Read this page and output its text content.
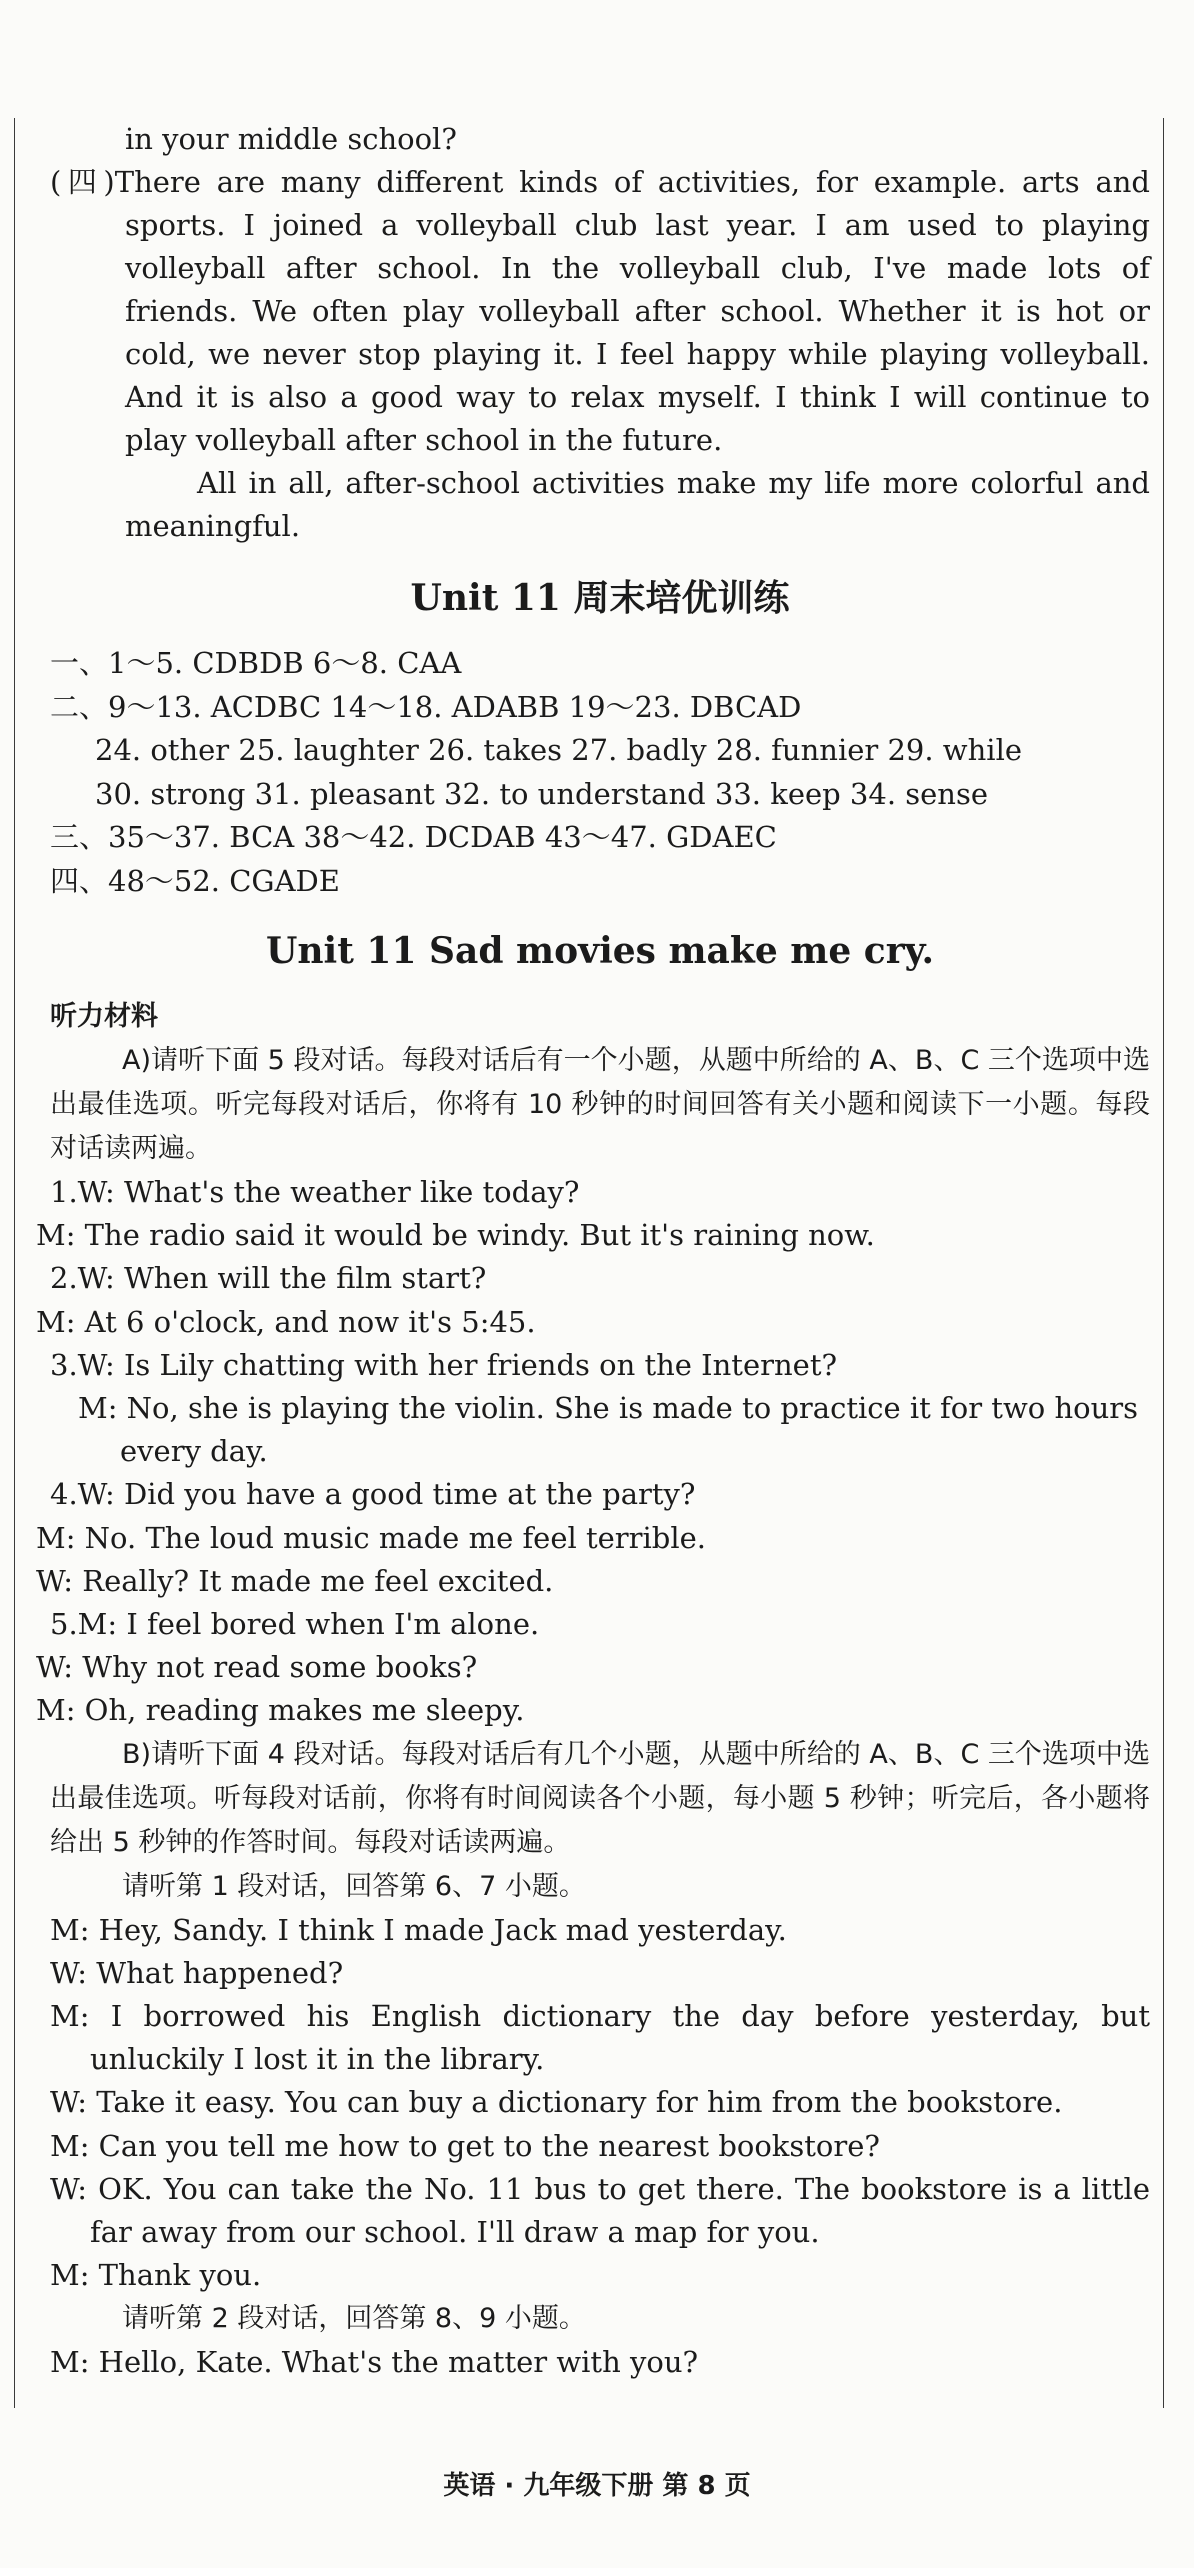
in your middle school?

(四)There are many different kinds of activities, for example. arts and sports. I joined a volleyball club last year. I am used to playing volleyball after school. In the volleyball club, I've made lots of friends. We often play volleyball after school. Whether it is hot or cold, we never stop playing it. I feel happy while playing volleyball. And it is also a good way to relax myself. I think I will continue to play volleyball after school in the future.

All in all, after-school activities make my life more colorful and meaningful.

Unit 11 周末培优训练

一、1～5. CDBDB 6～8. CAA

二、9～13. ACDBC 14～18. ADABB 19～23. DBCAD

24. other 25. laughter 26. takes 27. badly 28. funnier 29. while

30. strong 31. pleasant 32. to understand 33. keep 34. sense

三、35～37. BCA 38～42. DCDAB 43～47. GDAEC

四、48～52. CGADE

Unit 11 Sad movies make me cry.
听力材料

A)请听下面 5 段对话。每段对话后有一个小题，从题中所给的 A、B、C 三个选项中选出最佳选项。听完每段对话后，你将有 10 秒钟的时间回答有关小题和阅读下一小题。每段对话读两遍。

1.W: What's the weather like today?

M: The radio said it would be windy. But it's raining now.

2.W: When will the film start?

M: At 6 o'clock, and now it's 5:45.

3.W: Is Lily chatting with her friends on the Internet?

M: No, she is playing the violin. She is made to practice it for two hours every day.

4.W: Did you have a good time at the party?

M: No. The loud music made me feel terrible.

W: Really? It made me feel excited.

5.M: I feel bored when I'm alone.

W: Why not read some books?

M: Oh, reading makes me sleepy.

B)请听下面 4 段对话。每段对话后有几个小题，从题中所给的 A、B、C 三个选项中选出最佳选项。听每段对话前，你将有时间阅读各个小题，每小题 5 秒钟；听完后，各小题将给出 5 秒钟的作答时间。每段对话读两遍。

请听第 1 段对话，回答第 6、7 小题。

M: Hey, Sandy. I think I made Jack mad yesterday.

W: What happened?

M: I borrowed his English dictionary the day before yesterday, but unluckily I lost it in the library.

W: Take it easy. You can buy a dictionary for him from the bookstore.

M: Can you tell me how to get to the nearest bookstore?

W: OK. You can take the No. 11 bus to get there. The bookstore is a little far away from our school. I'll draw a map for you.

M: Thank you.

请听第 2 段对话，回答第 8、9 小题。

M: Hello, Kate. What's the matter with you?

英语 · 九年级下册 第 8 页
